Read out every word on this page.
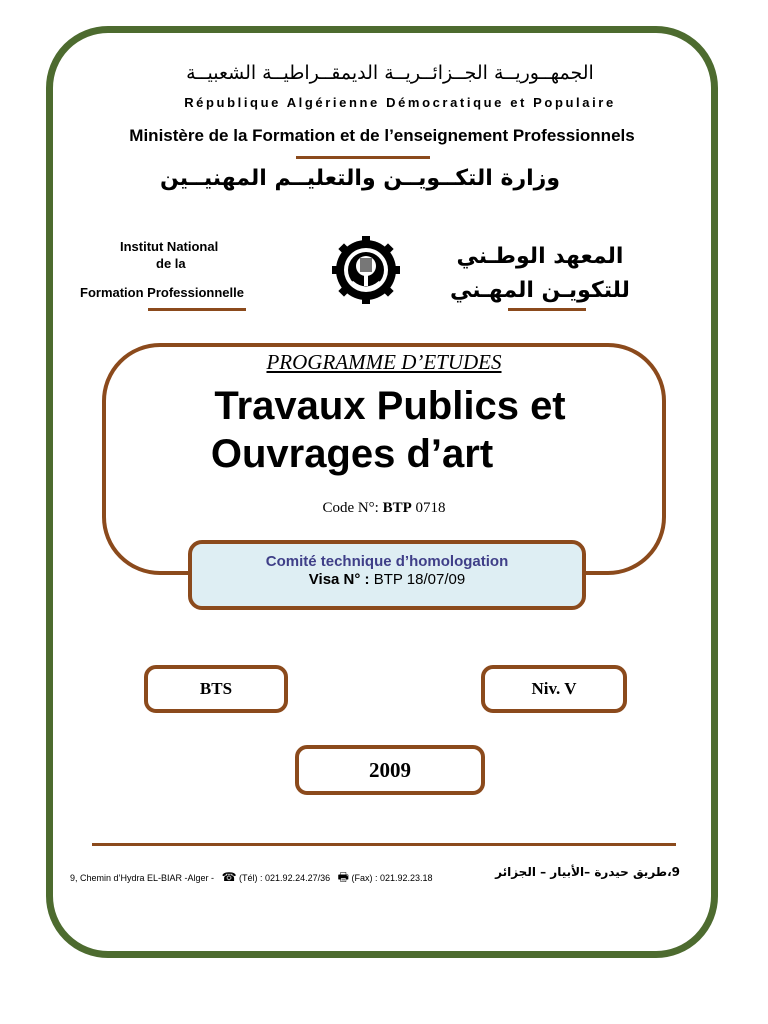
الجمهــوريــة الجــزائــريــة الديمقــراطيــة الشعبيــة
République Algérienne Démocratique et Populaire
Ministère de la Formation et de l’enseignement Professionnels
وزارة التكــويــن والتعليــم المهنيــين
Institut National
de la
Formation Professionnelle
المعهد الوطـني
للتكويـن المهـني
PROGRAMME D’ETUDES
Travaux Publics et
Ouvrages d’art
Code N°: BTP 0718
Comité technique d’homologation
Visa N° : BTP 18/07/09
BTS	Niv. V
2009
9, Chemin d’Hydra EL-BIAR -Alger - ☎ (Tél) : 021.92.24.27/36 🖶 (Fax) : 021.92.23.18	9،طريق حيدرة –الأبيار – الجزائر
